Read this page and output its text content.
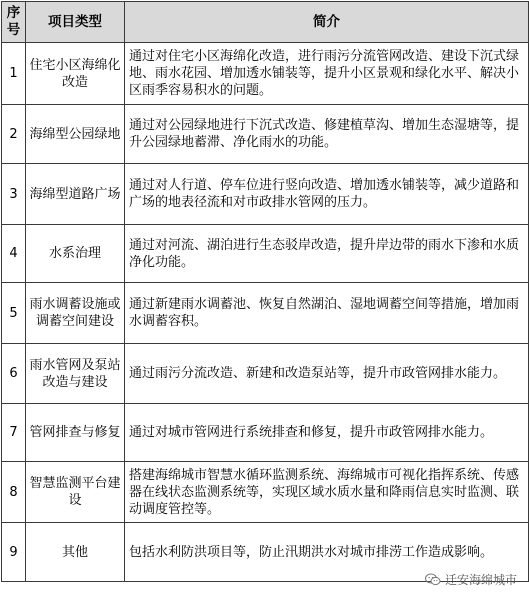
序号	项目类型	简介
1	住宅小区海绵化改造	通过对住宅小区海绵化改造，进行雨污分流管网改造、建设下沉式绿地、雨水花园、增加透水铺装等，提升小区景观和绿化水平、解决小区雨季容易积水的问题。
2	海绵型公园绿地	通过对公园绿地进行下沉式改造、修建植草沟、增加生态湿塘等，提升公园绿地蓄滞、净化雨水的功能。
3	海绵型道路广场	通过对人行道、停车位进行竖向改造、增加透水铺装等，减少道路和广场的地表径流和对市政排水管网的压力。
4	水系治理	通过对河流、湖泊进行生态驳岸改造，提升岸边带的雨水下渗和水质净化功能。
5	雨水调蓄设施或调蓄空间建设	通过新建雨水调蓄池、恢复自然湖泊、湿地调蓄空间等措施，增加雨水调蓄容积。
6	雨水管网及泵站改造与建设	通过雨污分流改造、新建和改造泵站等，提升市政管网排水能力。
7	管网排查与修复	通过对城市管网进行系统排查和修复，提升市政管网排水能力。
8	智慧监测平台建设	搭建海绵城市智慧水循环监测系统、海绵城市可视化指挥系统、传感器在线状态监测系统等，实现区域水质水量和降雨信息实时监测、联动调度管控等。
9	其他	包括水利防洪项目等，防止汛期洪水对城市排涝工作造成影响。
迁安海绵城市
